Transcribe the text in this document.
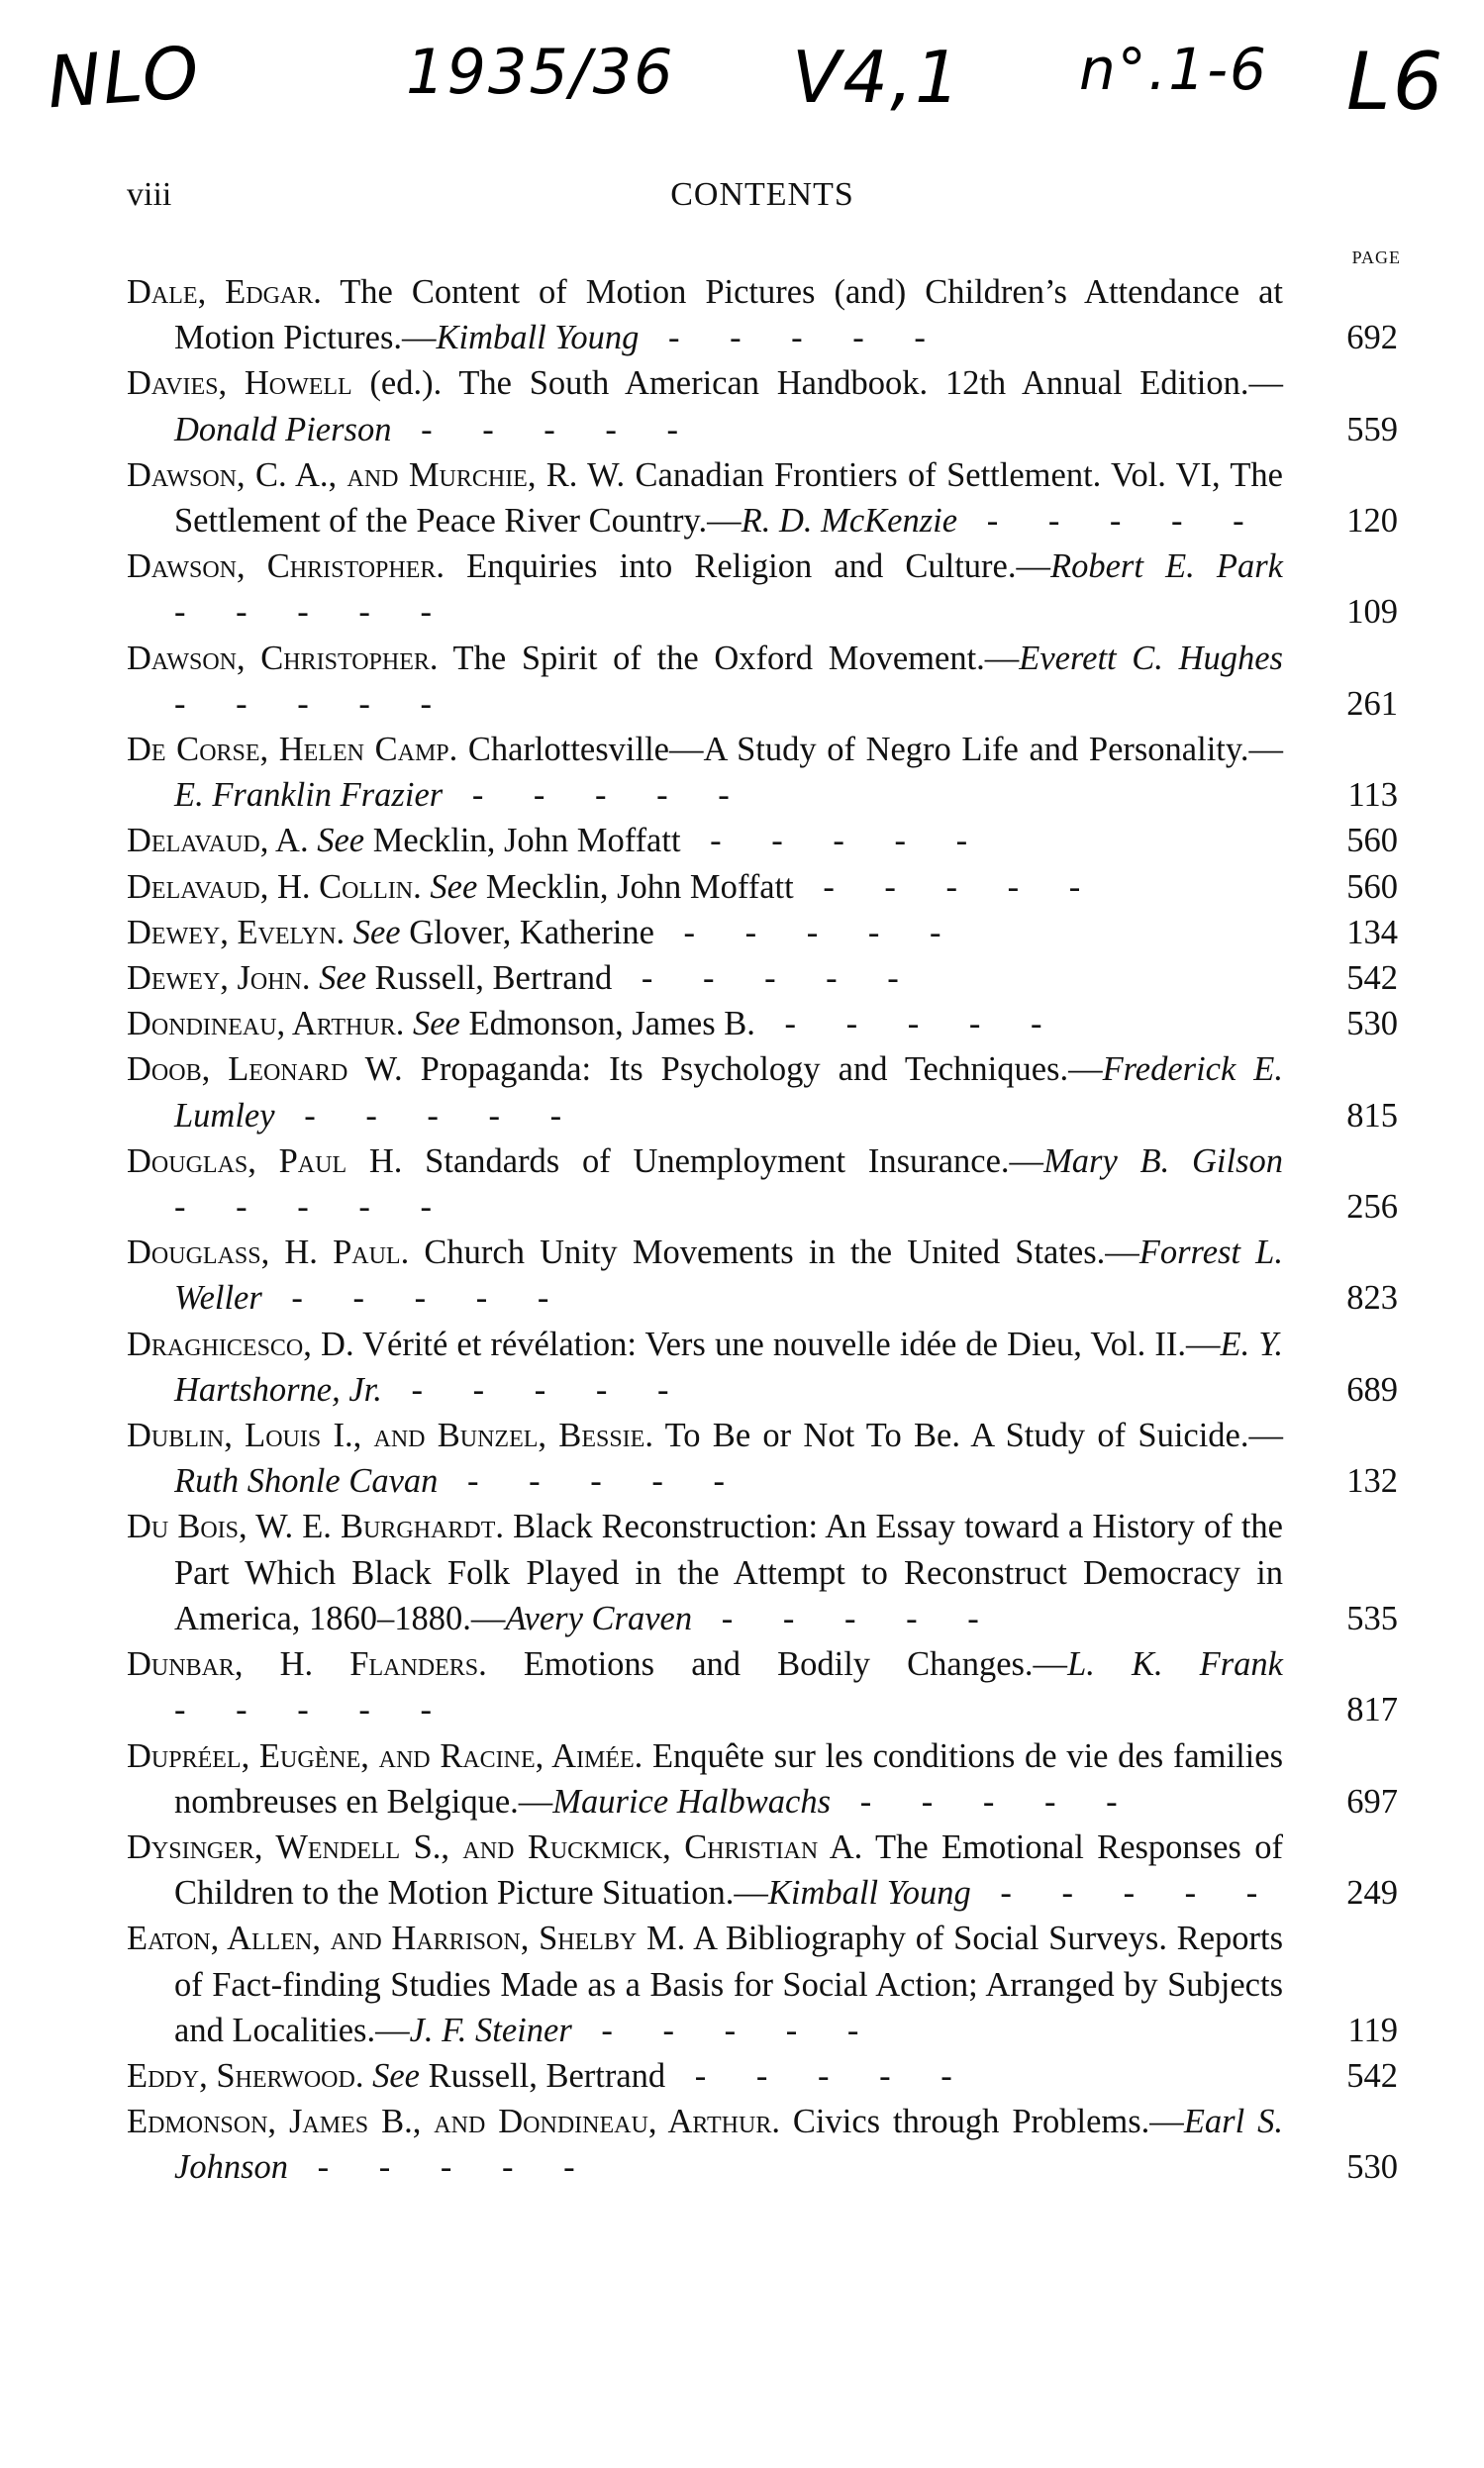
NLO	1935/36 V4,1 n°.1-6 L6
viii	CONTENTS
PAGE
Dale, Edgar. The Content of Motion Pictures (and) Children’s Attendance at Motion Pictures.—Kimball Young - - - - -	692
Davies, Howell (ed.). The South American Handbook. 12th Annual Edition.—Donald Pierson - - - - -	559
Dawson, C. A., and Murchie, R. W. Canadian Frontiers of Settlement. Vol. VI, The Settlement of the Peace River Country.—R. D. McKenzie - - - - -	120
Dawson, Christopher. Enquiries into Religion and Culture.—Robert E. Park - - - - -	109
Dawson, Christopher. The Spirit of the Oxford Movement.—Everett C. Hughes - - - - -	261
De Corse, Helen Camp. Charlottesville—A Study of Negro Life and Personality.—E. Franklin Frazier - - - - -	113
Delavaud, A. See Mecklin, John Moffatt - - - - -	560
Delavaud, H. Collin. See Mecklin, John Moffatt - - - - -	560
Dewey, Evelyn. See Glover, Katherine - - - - -	134
Dewey, John. See Russell, Bertrand - - - - -	542
Dondineau, Arthur. See Edmonson, James B. - - - - -	530
Doob, Leonard W. Propaganda: Its Psychology and Techniques.—Frederick E. Lumley - - - - -	815
Douglas, Paul H. Standards of Unemployment Insurance.—Mary B. Gilson - - - - -	256
Douglass, H. Paul. Church Unity Movements in the United States.—Forrest L. Weller - - - - -	823
Draghicesco, D. Vérité et révélation: Vers une nouvelle idée de Dieu, Vol. II.—E. Y. Hartshorne, Jr. - - - - -	689
Dublin, Louis I., and Bunzel, Bessie. To Be or Not To Be. A Study of Suicide.—Ruth Shonle Cavan - - - - -	132
Du Bois, W. E. Burghardt. Black Reconstruction: An Essay toward a History of the Part Which Black Folk Played in the Attempt to Reconstruct Democracy in America, 1860–1880.—Avery Craven - - - - -	535
Dunbar, H. Flanders. Emotions and Bodily Changes.—L. K. Frank - - - - -	817
Dupréel, Eugène, and Racine, Aimée. Enquête sur les conditions de vie des families nombreuses en Belgique.—Maurice Halbwachs - - - - -	697
Dysinger, Wendell S., and Ruckmick, Christian A. The Emotional Responses of Children to the Motion Picture Situation.—Kimball Young - - - - -	249
Eaton, Allen, and Harrison, Shelby M. A Bibliography of Social Surveys. Reports of Fact-finding Studies Made as a Basis for Social Action; Arranged by Subjects and Localities.—J. F. Steiner - - - - -	119
Eddy, Sherwood. See Russell, Bertrand - - - - -	542
Edmonson, James B., and Dondineau, Arthur. Civics through Problems.—Earl S. Johnson - - - - -	530
